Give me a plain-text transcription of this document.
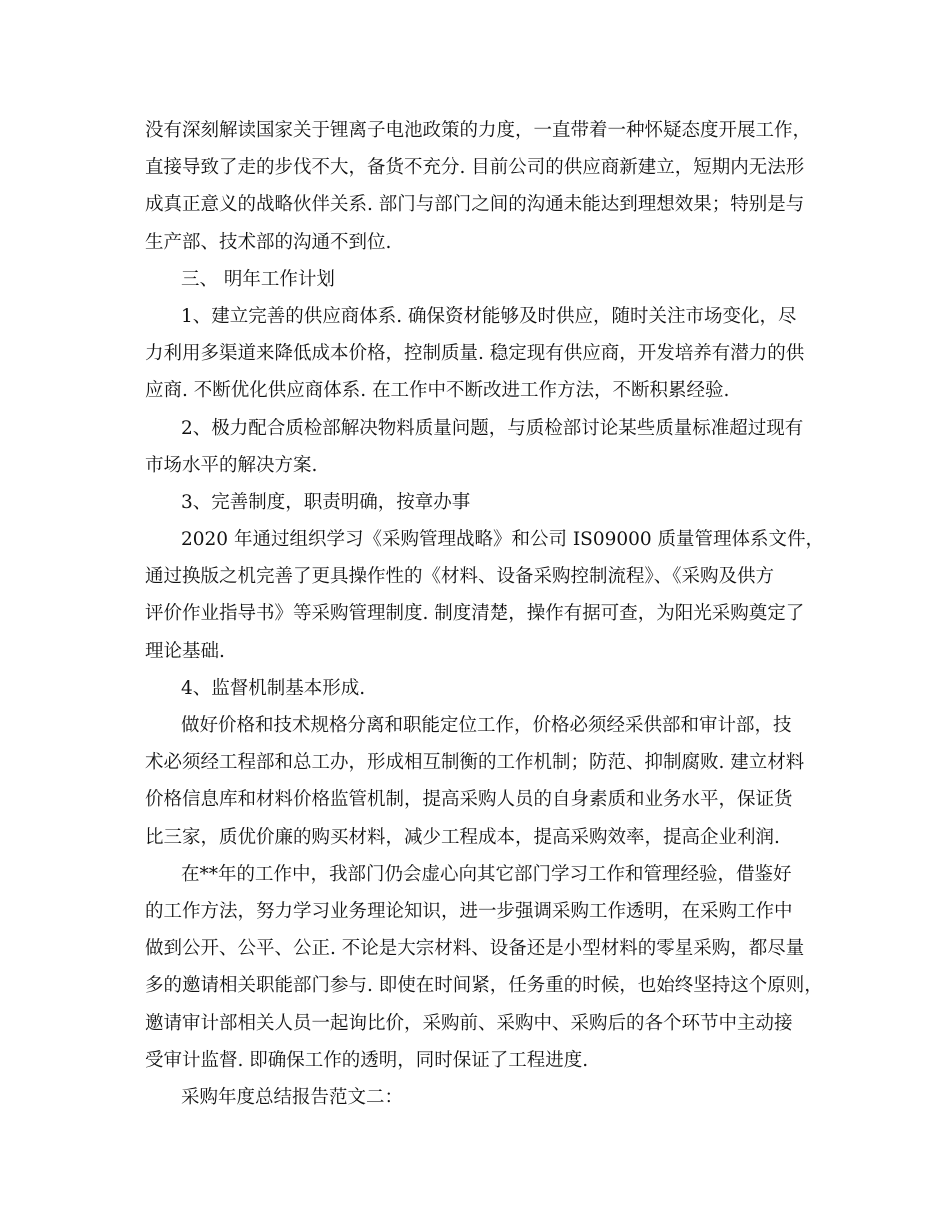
没有深刻解读国家关于锂离子电池政策的力度，一直带着一种怀疑态度开展工作，
直接导致了走的步伐不大，备货不充分. 目前公司的供应商新建立，短期内无法形
成真正意义的战略伙伴关系. 部门与部门之间的沟通未能达到理想效果；特别是与
生产部、技术部的沟通不到位.
三、 明年工作计划
1、建立完善的供应商体系. 确保资材能够及时供应，随时关注市场变化，尽
力利用多渠道来降低成本价格，控制质量. 稳定现有供应商，开发培养有潜力的供
应商. 不断优化供应商体系. 在工作中不断改进工作方法，不断积累经验.
2、极力配合质检部解决物料质量问题，与质检部讨论某些质量标准超过现有
市场水平的解决方案.
3、完善制度，职责明确，按章办事
2020 年通过组织学习《采购管理战略》和公司 IS09000 质量管理体系文件，
通过换版之机完善了更具操作性的《材料、设备采购控制流程》、《采购及供方
评价作业指导书》等采购管理制度. 制度清楚，操作有据可查，为阳光采购奠定了
理论基础.
4、监督机制基本形成.
做好价格和技术规格分离和职能定位工作，价格必须经采供部和审计部，技
术必须经工程部和总工办，形成相互制衡的工作机制；防范、抑制腐败. 建立材料
价格信息库和材料价格监管机制，提高采购人员的自身素质和业务水平，保证货
比三家，质优价廉的购买材料，减少工程成本，提高采购效率，提高企业利润.
在**年的工作中，我部门仍会虚心向其它部门学习工作和管理经验，借鉴好
的工作方法，努力学习业务理论知识，进一步强调采购工作透明，在采购工作中
做到公开、公平、公正. 不论是大宗材料、设备还是小型材料的零星采购，都尽量
多的邀请相关职能部门参与. 即使在时间紧，任务重的时候，也始终坚持这个原则，
邀请审计部相关人员一起询比价，采购前、采购中、采购后的各个环节中主动接
受审计监督. 即确保工作的透明，同时保证了工程进度.
采购年度总结报告范文二：
